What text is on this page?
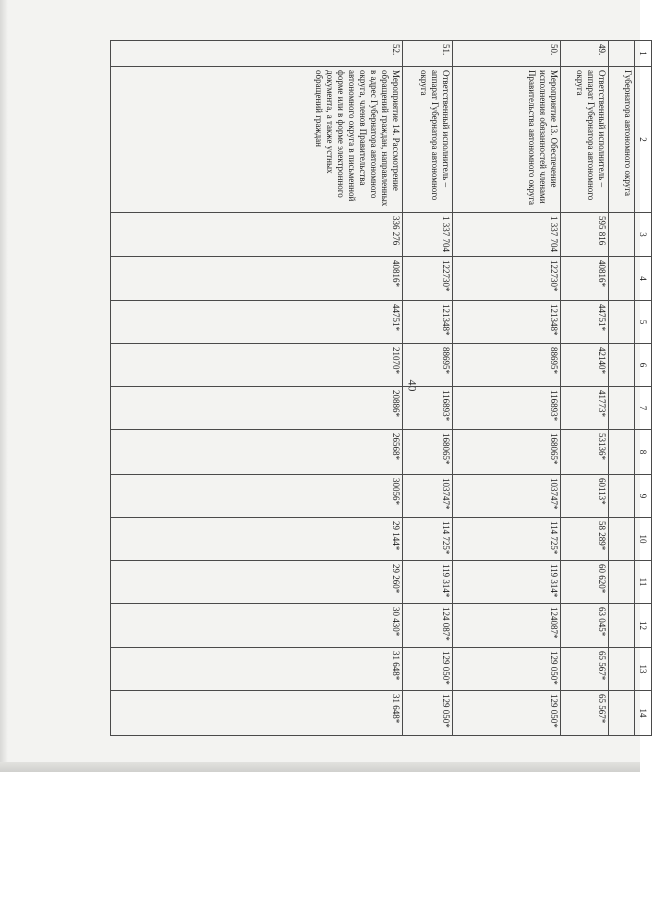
40
1	2	3	4	5	6	7	8	9	10	11	12	13	14
	Губернатора автономного округа												
49.	Ответственный исполнитель – аппарат Губернатора автономного округа	595 816	40816*	44751*	42140*	41773*	53136*	60113*	58 289*	60 620*	63 045*	65 567*	65 567*
50.	Мероприятие 13. Обеспечение исполнения обязанностей членами Правительства автономного округа	1 337 704	122730*	121348*	88695*	116893*	168065*	103747*	114 725*	119 314*	124087*	129 050*	129 050*
51.	Ответственный исполнитель – аппарат Губернатора автономного округа	1 337 704	122730*	121348*	88695*	116893*	168065*	103747*	114 725*	119 314*	124 087*	129 050*	129 050*
52.	Мероприятие 14. Рассмотрение обращений граждан, направленных в адрес Губернатора автономного округа, членов Правительства автономного округа в письменной форме или в форме электронного документа, а также устных обращений граждан	336 276	40816*	44751*	21070*	20886*	26568*	30056*	29 144*	29 260*	30 430*	31 648*	31 648*
